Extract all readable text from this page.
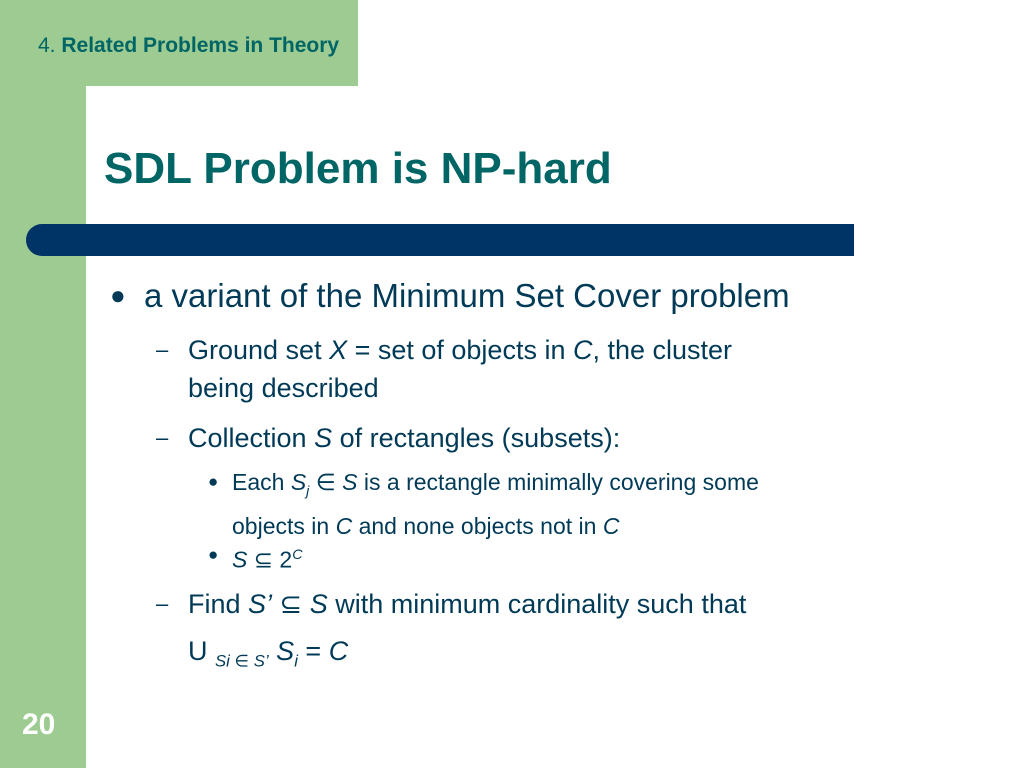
4. Related Problems in Theory
SDL Problem is NP-hard
● a variant of the Minimum Set Cover problem
– Ground set X = set of objects in C, the cluster
being described
– Collection S of rectangles (subsets):
● Each $S_j$ ∈ S is a rectangle minimally covering some
objects in C and none objects not in C
● S ⊆ $2^C$
– Find S’ ⊆ S with minimum cardinality such that
U $_{Si \in S’}$ $S_i = C$
20
